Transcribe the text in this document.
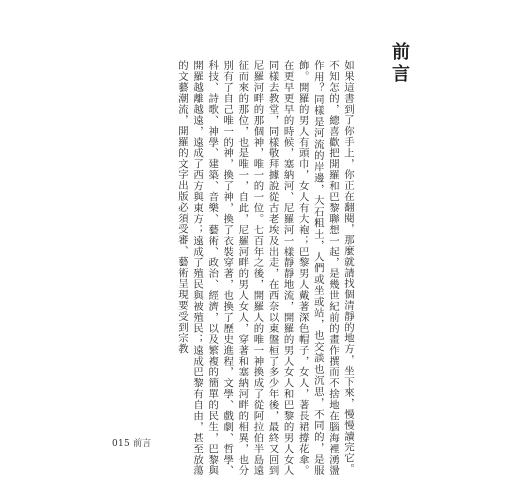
前言

如果這書到了你手上，你正在翻閱，那麼就請找個清靜的地方，坐下來，慢慢讀完它。

不知怎的，總喜歡把開羅和巴黎聯想一起，是幾世紀前的畫作撰而不捨地在腦海裡湧盪作用？同樣是河流的岸邊，大石粗土，人們或坐或站，也交談也沉思，不同的，是服飾。開羅的男人有頭巾，女人有大袍；巴黎男人戴著深色帽子，女人，著長裙撐花傘。在更早更早的時候，塞納河、尼羅河一樣靜靜地流，開羅的男人女人和巴黎的男人女人同樣去教堂，同樣敬拜據說從古老埃及出走，在西奈以東盤桓了多少年後，最終又回到尼羅河畔的那個神，唯一的一位。七百年之後，開羅人的唯一神換成了從阿拉伯半島遠征而來的那位，也是唯一，自此，尼羅河畔的男人女人，穿著和塞納河畔的相異，也分別有了自己唯一的神，換了神，換了衣裝穿著，也換了歷史進程，文學、戲劇、哲學、科技、詩歌、神學、建築、音樂、藝術、政治、經濟，以及繁複的簡單的民生，巴黎與開羅越離越遠，遠成了西方與東方；遠成了殖民與被殖民；遠成巴黎有自由，甚至放蕩的文藝潮流，開羅的文字出版必須受審、藝術呈現要受到宗教

015 前言
